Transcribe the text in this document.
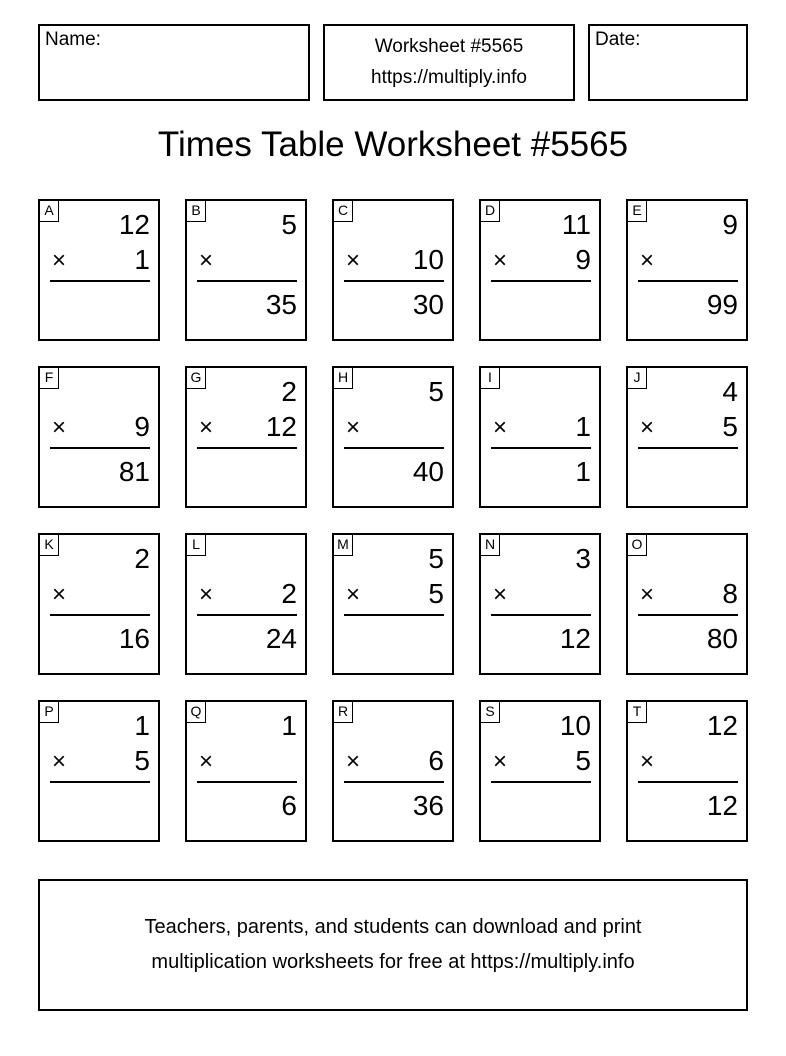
Name:	Worksheet #5565
https://multiply.info
Date:
Times Table Worksheet #5565
A 12
× 1
B	5
×
35
C
× 10
30
D 11
× 9
E	9
×
99
F
× 9
81
G	2
× 12
H	5
×
40
I
× 1
1
J	4
× 5
K	2
×
16
L
× 2
24
M	5
× 5
N	3
×
12
O
× 8
80
P	1
× 5
Q	1
×
6
R
× 6
36
S 10
× 5
T 12
×
12
Teachers, parents, and students can download and print
multiplication worksheets for free at https://multiply.info
